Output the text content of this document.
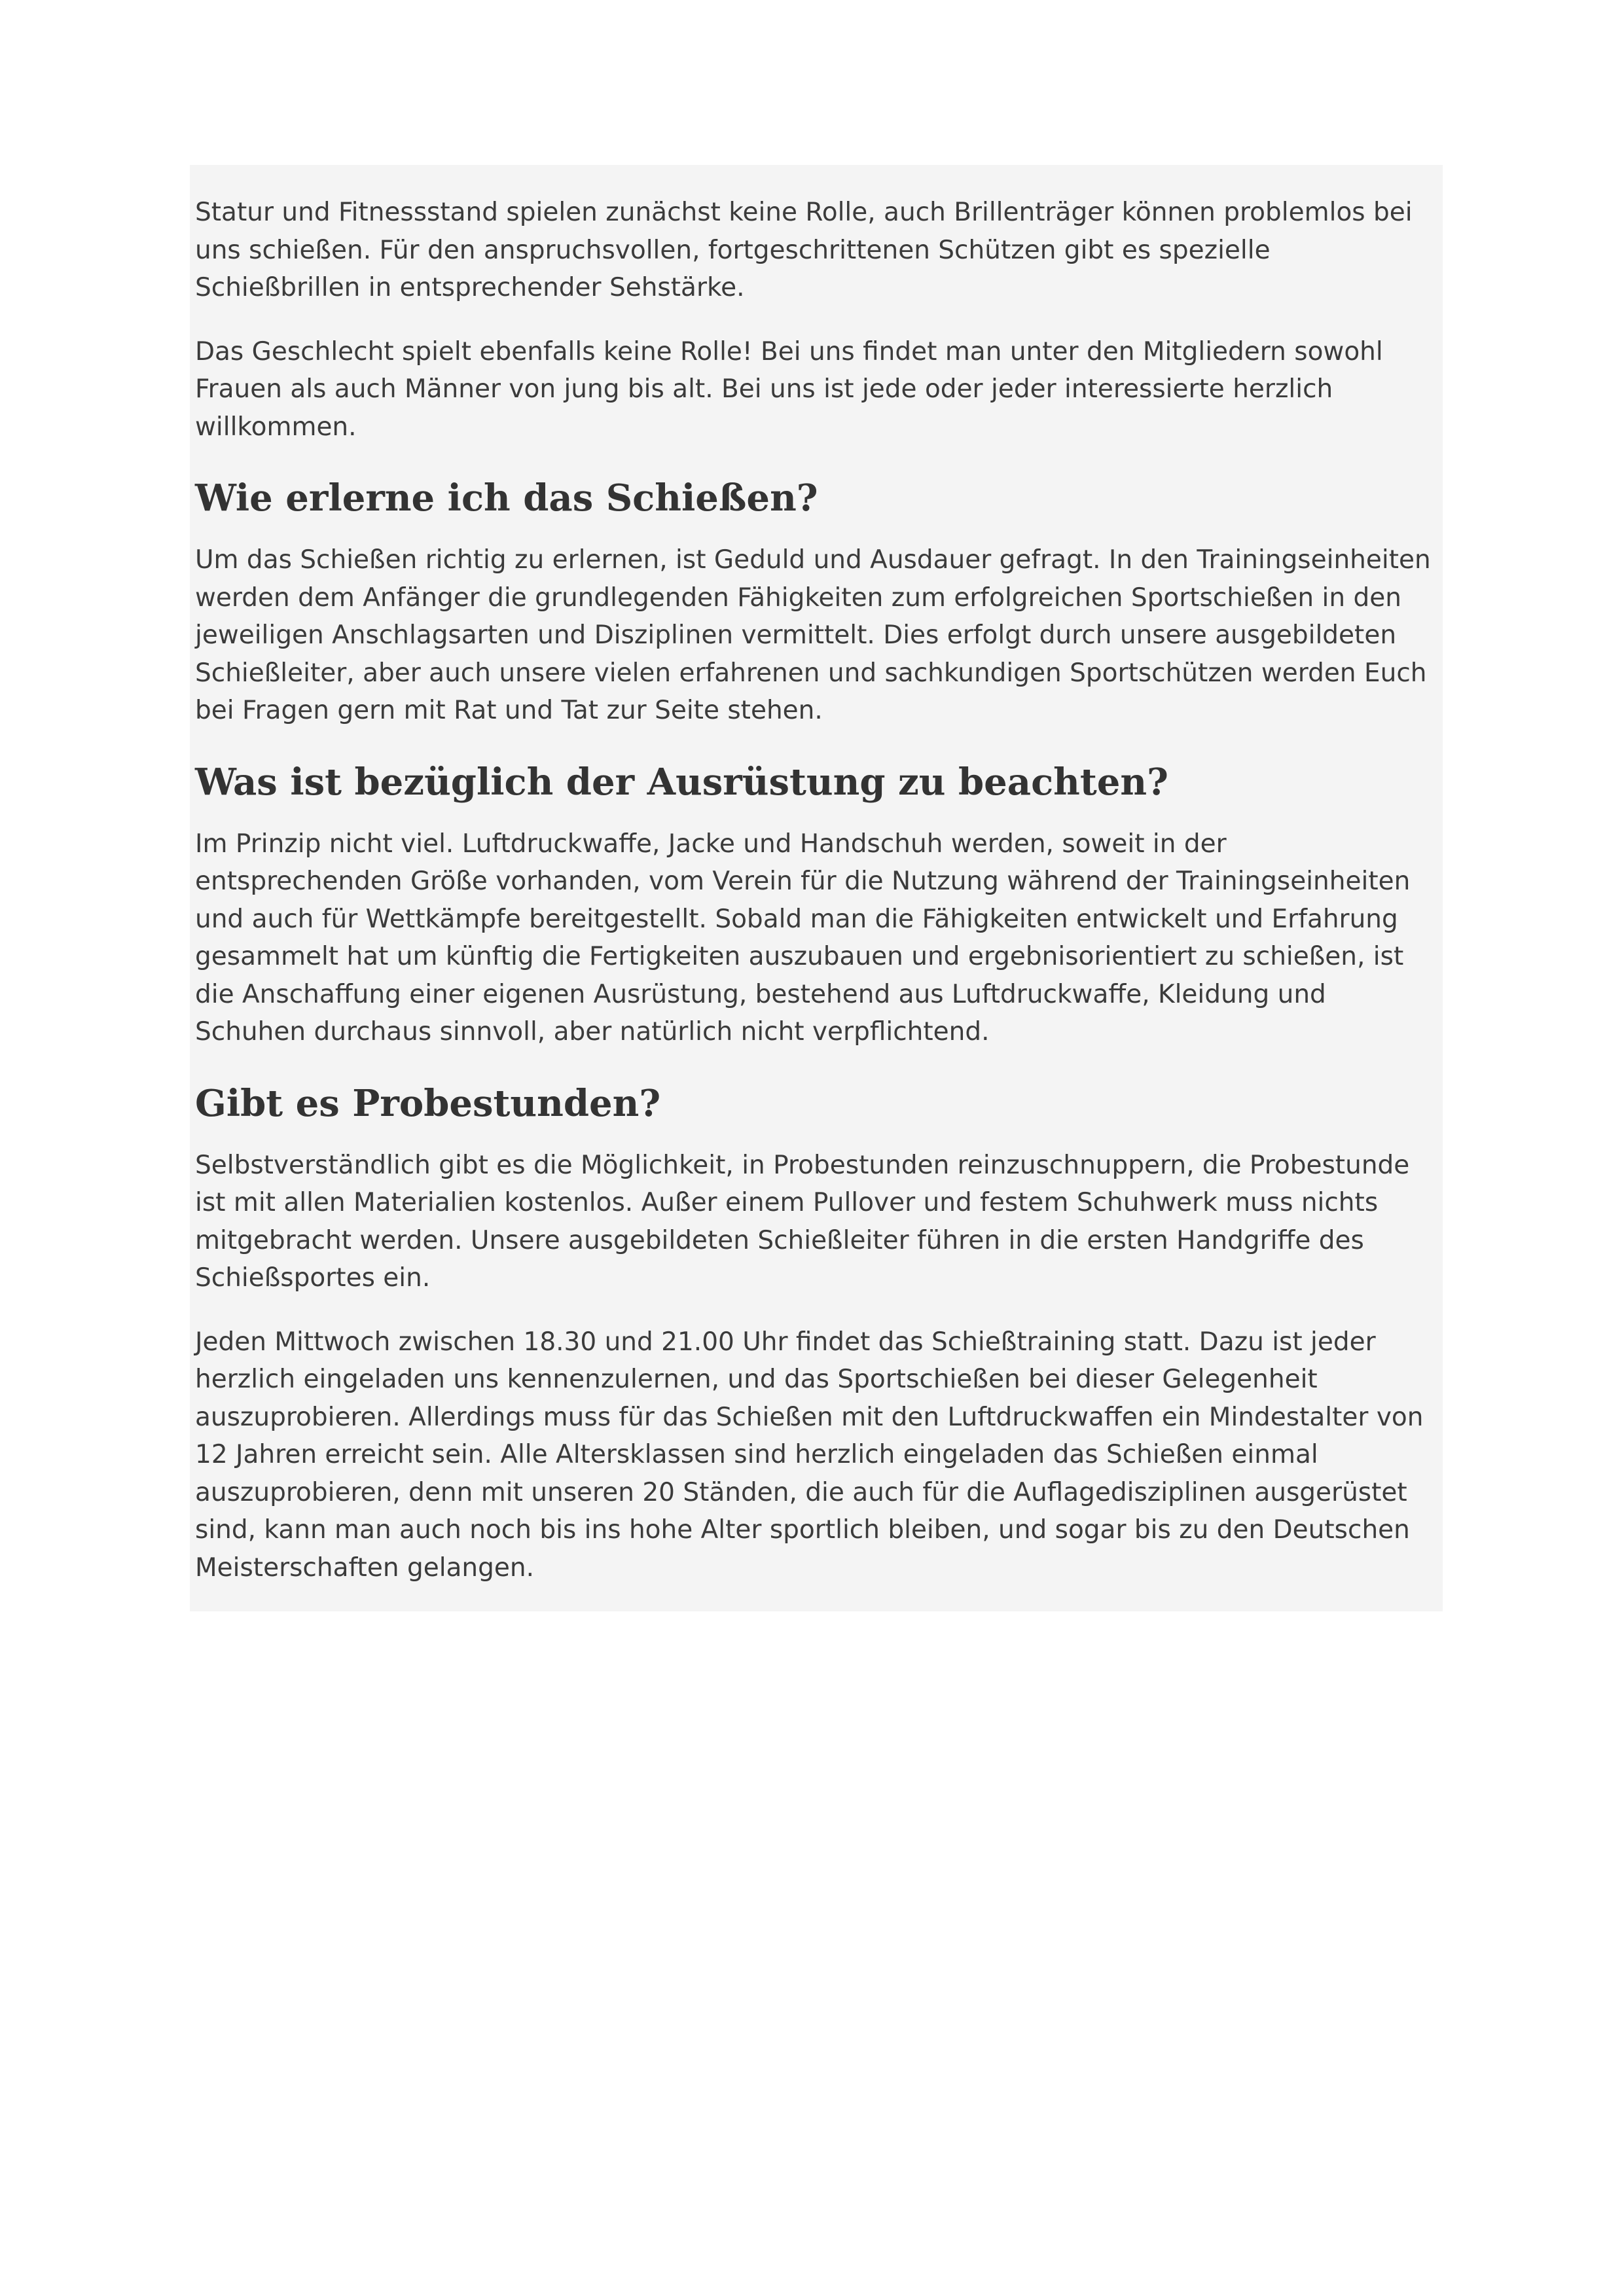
Statur und Fitnessstand spielen zunächst keine Rolle, auch Brillenträger können problemlos bei uns schießen. Für den anspruchsvollen, fortgeschrittenen Schützen gibt es spezielle Schießbrillen in entsprechender Sehstärke.

Das Geschlecht spielt ebenfalls keine Rolle! Bei uns findet man unter den Mitgliedern sowohl Frauen als auch Männer von jung bis alt. Bei uns ist jede oder jeder interessierte herzlich willkommen.

Wie erlerne ich das Schießen?

Um das Schießen richtig zu erlernen, ist Geduld und Ausdauer gefragt. In den Trainingseinheiten werden dem Anfänger die grundlegenden Fähigkeiten zum erfolgreichen Sportschießen in den jeweiligen Anschlagsarten und Disziplinen vermittelt. Dies erfolgt durch unsere ausgebildeten Schießleiter, aber auch unsere vielen erfahrenen und sachkundigen Sportschützen werden Euch bei Fragen gern mit Rat und Tat zur Seite stehen.

Was ist bezüglich der Ausrüstung zu beachten?

Im Prinzip nicht viel. Luftdruckwaffe, Jacke und Handschuh werden, soweit in der entsprechenden Größe vorhanden, vom Verein für die Nutzung während der Trainingseinheiten und auch für Wettkämpfe bereitgestellt. Sobald man die Fähigkeiten entwickelt und Erfahrung gesammelt hat um künftig die Fertigkeiten auszubauen und ergebnisorientiert zu schießen, ist die Anschaffung einer eigenen Ausrüstung, bestehend aus Luftdruckwaffe, Kleidung und Schuhen durchaus sinnvoll, aber natürlich nicht verpflichtend.

Gibt es Probestunden?

Selbstverständlich gibt es die Möglichkeit, in Probestunden reinzuschnuppern, die Probestunde ist mit allen Materialien kostenlos. Außer einem Pullover und festem Schuhwerk muss nichts mitgebracht werden. Unsere ausgebildeten Schießleiter führen in die ersten Handgriffe des Schießsportes ein.

Jeden Mittwoch zwischen 18.30 und 21.00 Uhr findet das Schießtraining statt. Dazu ist jeder herzlich eingeladen uns kennenzulernen, und das Sportschießen bei dieser Gelegenheit auszuprobieren. Allerdings muss für das Schießen mit den Luftdruckwaffen ein Mindestalter von 12 Jahren erreicht sein. Alle Altersklassen sind herzlich eingeladen das Schießen einmal auszuprobieren, denn mit unseren 20 Ständen, die auch für die Auflagedisziplinen ausgerüstet sind, kann man auch noch bis ins hohe Alter sportlich bleiben, und sogar bis zu den Deutschen Meisterschaften gelangen.
